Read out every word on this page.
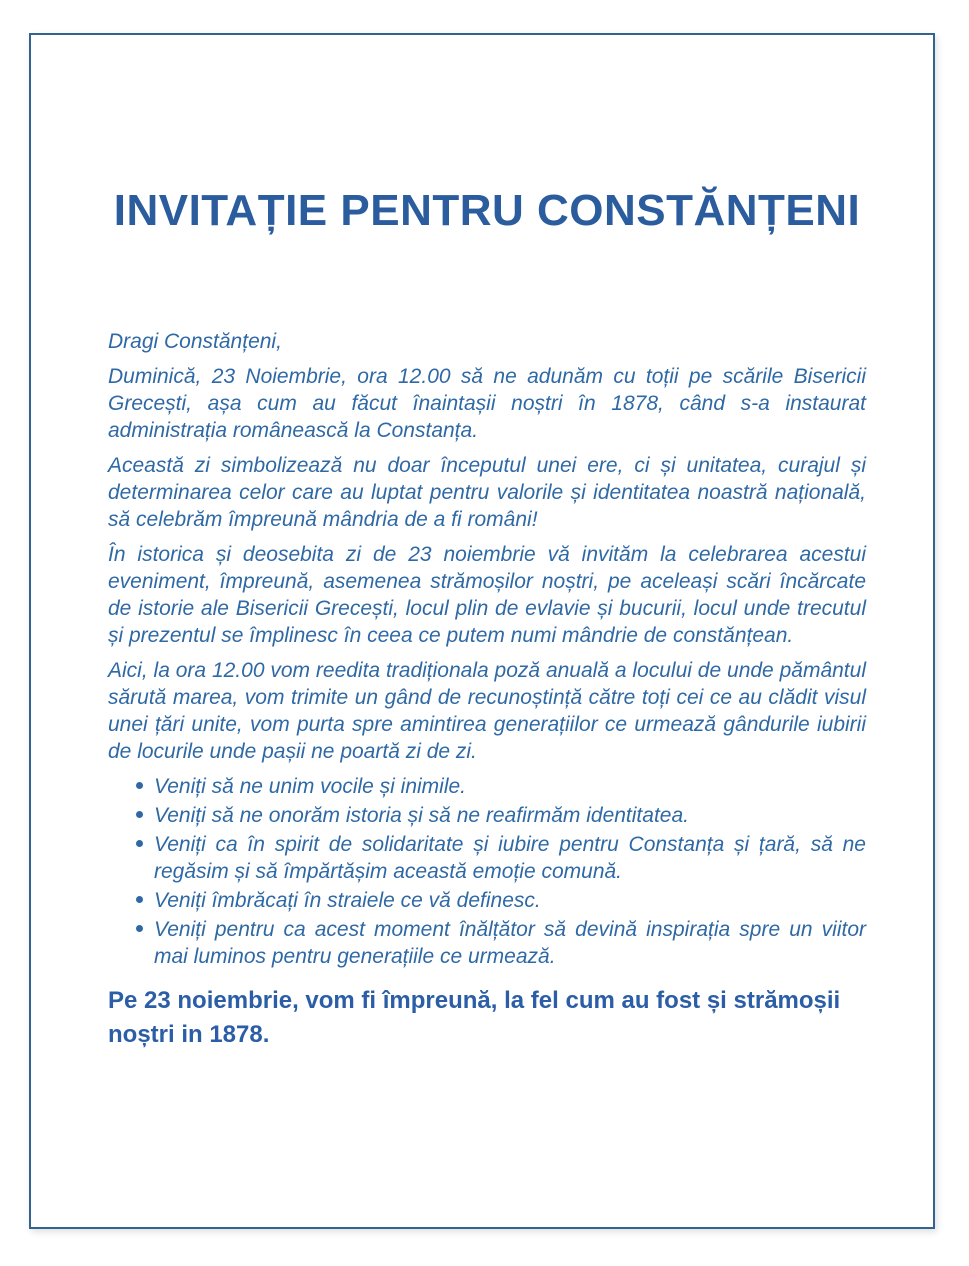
INVITAȚIE PENTRU CONSTĂNȚENI

Dragi Constănțeni,

Duminică, 23 Noiembrie, ora 12.00 să ne adunăm cu toții pe scările Bisericii Grecești, așa cum au făcut înaintașii noștri în 1878, când s-a instaurat administrația românească la Constanța.

Această zi simbolizează nu doar începutul unei ere, ci și unitatea, curajul și determinarea celor care au luptat pentru valorile și identitatea noastră națională, să celebrăm împreună mândria de a fi români!

În istorica și deosebita zi de 23 noiembrie vă invităm la celebrarea acestui eveniment, împreună, asemenea strămoșilor noștri, pe aceleași scări încărcate de istorie ale Bisericii Grecești, locul plin de evlavie și bucurii, locul unde trecutul și prezentul se împlinesc în ceea ce putem numi mândrie de constănțean.

Aici, la ora 12.00 vom reedita tradiționala poză anuală a locului de unde pământul sărută marea, vom trimite un gând de recunoștință către toți cei ce au clădit visul unei țări unite, vom purta spre amintirea generațiilor ce urmează gândurile iubirii de locurile unde pașii ne poartă zi de zi.

Veniți să ne unim vocile și inimile.
Veniți să ne onorăm istoria și să ne reafirmăm identitatea.
Veniți ca în spirit de solidaritate și iubire pentru Constanța și țară, să ne regăsim și să împărtășim această emoție comună.
Veniți îmbrăcați în straiele ce vă definesc.
Veniți pentru ca acest moment înălțător să devină inspirația spre un viitor mai luminos pentru generațiile ce urmează.

Pe 23 noiembrie, vom fi împreună, la fel cum au fost și strămoșii noștri in 1878.
